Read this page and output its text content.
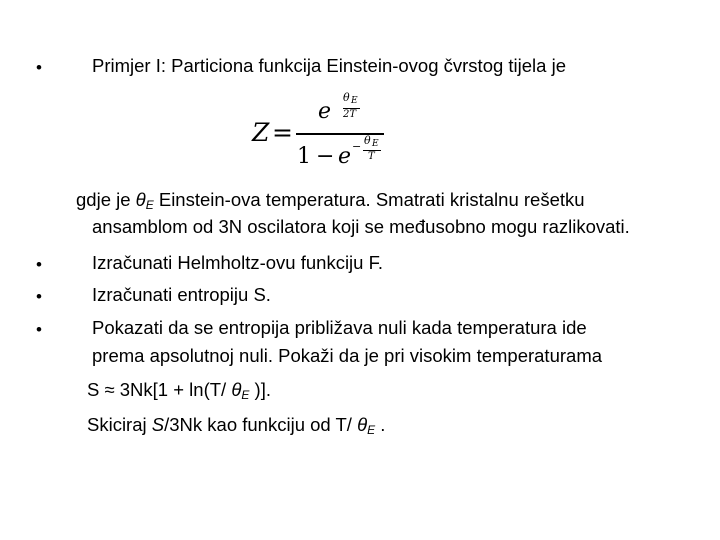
•	Primjer I: Particiona funkcija Einstein-ovog čvrstog tijela je
Z =
e
θ E
2T
1 − e − θ E
T
gdje je $\theta_E$ Einstein-ova temperatura. Smatrati kristalnu rešetku
ansamblom od 3N oscilatora koji se međusobno mogu razlikovati.
•	Izračunati Helmholtz-ovu funkciju F.
•	Izračunati entropiju S.
•	Pokazati da se entropija približava nuli kada temperatura ide
prema apsolutnoj nuli. Pokaži da je pri visokim temperaturama
S ≈ 3Nk[1 + ln(T/ $\theta_E$ )].
Skiciraj S/3Nk kao funkciju od T/ $\theta_E$ .
